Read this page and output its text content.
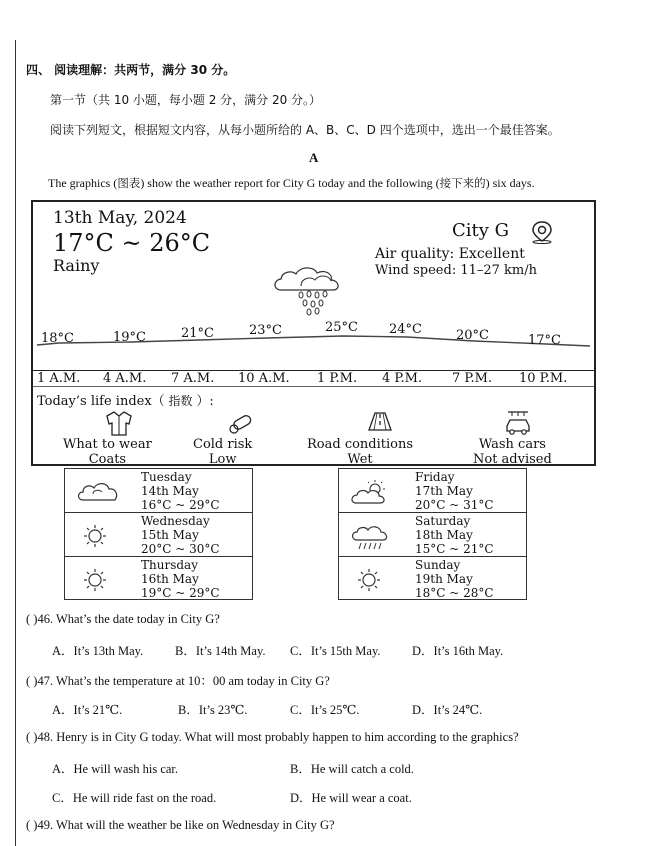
四、 阅读理解：共两节，满分 30 分。
第一节（共 10 小题，每小题 2 分，满分 20 分。）
阅读下列短文，根据短文内容，从每小题所给的 A、B、C、D 四个选项中，选出一个最佳答案。
A
The graphics (图表) show the weather report for City G today and the following (接下来的) six days.
13th May, 2024
17°C ~ 26°C
Rainy
City G
Air quality: Excellent
Wind speed: 11–27 km/h
18°C	19°C	21°C	23°C	25°C 24°C	20°C	17°C
1 A.M. 4 A.M. 7 A.M. 10 A.M. 1 P.M. 4 P.M. 7 P.M. 10 P.M.
Today’s life index（ 指数 ）:
What to wear
Coats
Cold risk
Low
Road conditions
Wet
Wash cars
Not advised
Tuesday
14th May
16°C ~ 29°C
Wednesday
15th May
20°C ~ 30°C
Thursday
16th May
19°C ~ 29°C
Friday
17th May
20°C ~ 31°C
Saturday
18th May
15°C ~ 21°C
Sunday
19th May
18°C ~ 28°C
( )46. What’s the date today in City G?
A．It’s 13th May.	B．It’s 14th May. C．It’s 15th May.	D．It’s 16th May.
( )47. What’s the temperature at 10：00 am today in City G?
A．It’s 21℃.	B．It’s 23℃.	C．It’s 25℃.	D．It’s 24℃.
( )48. Henry is in City G today. What will most probably happen to him according to the graphics?
A．He will wash his car.	B．He will catch a cold.
C．He will ride fast on the road.	D．He will wear a coat.
( )49. What will the weather be like on Wednesday in City G?
